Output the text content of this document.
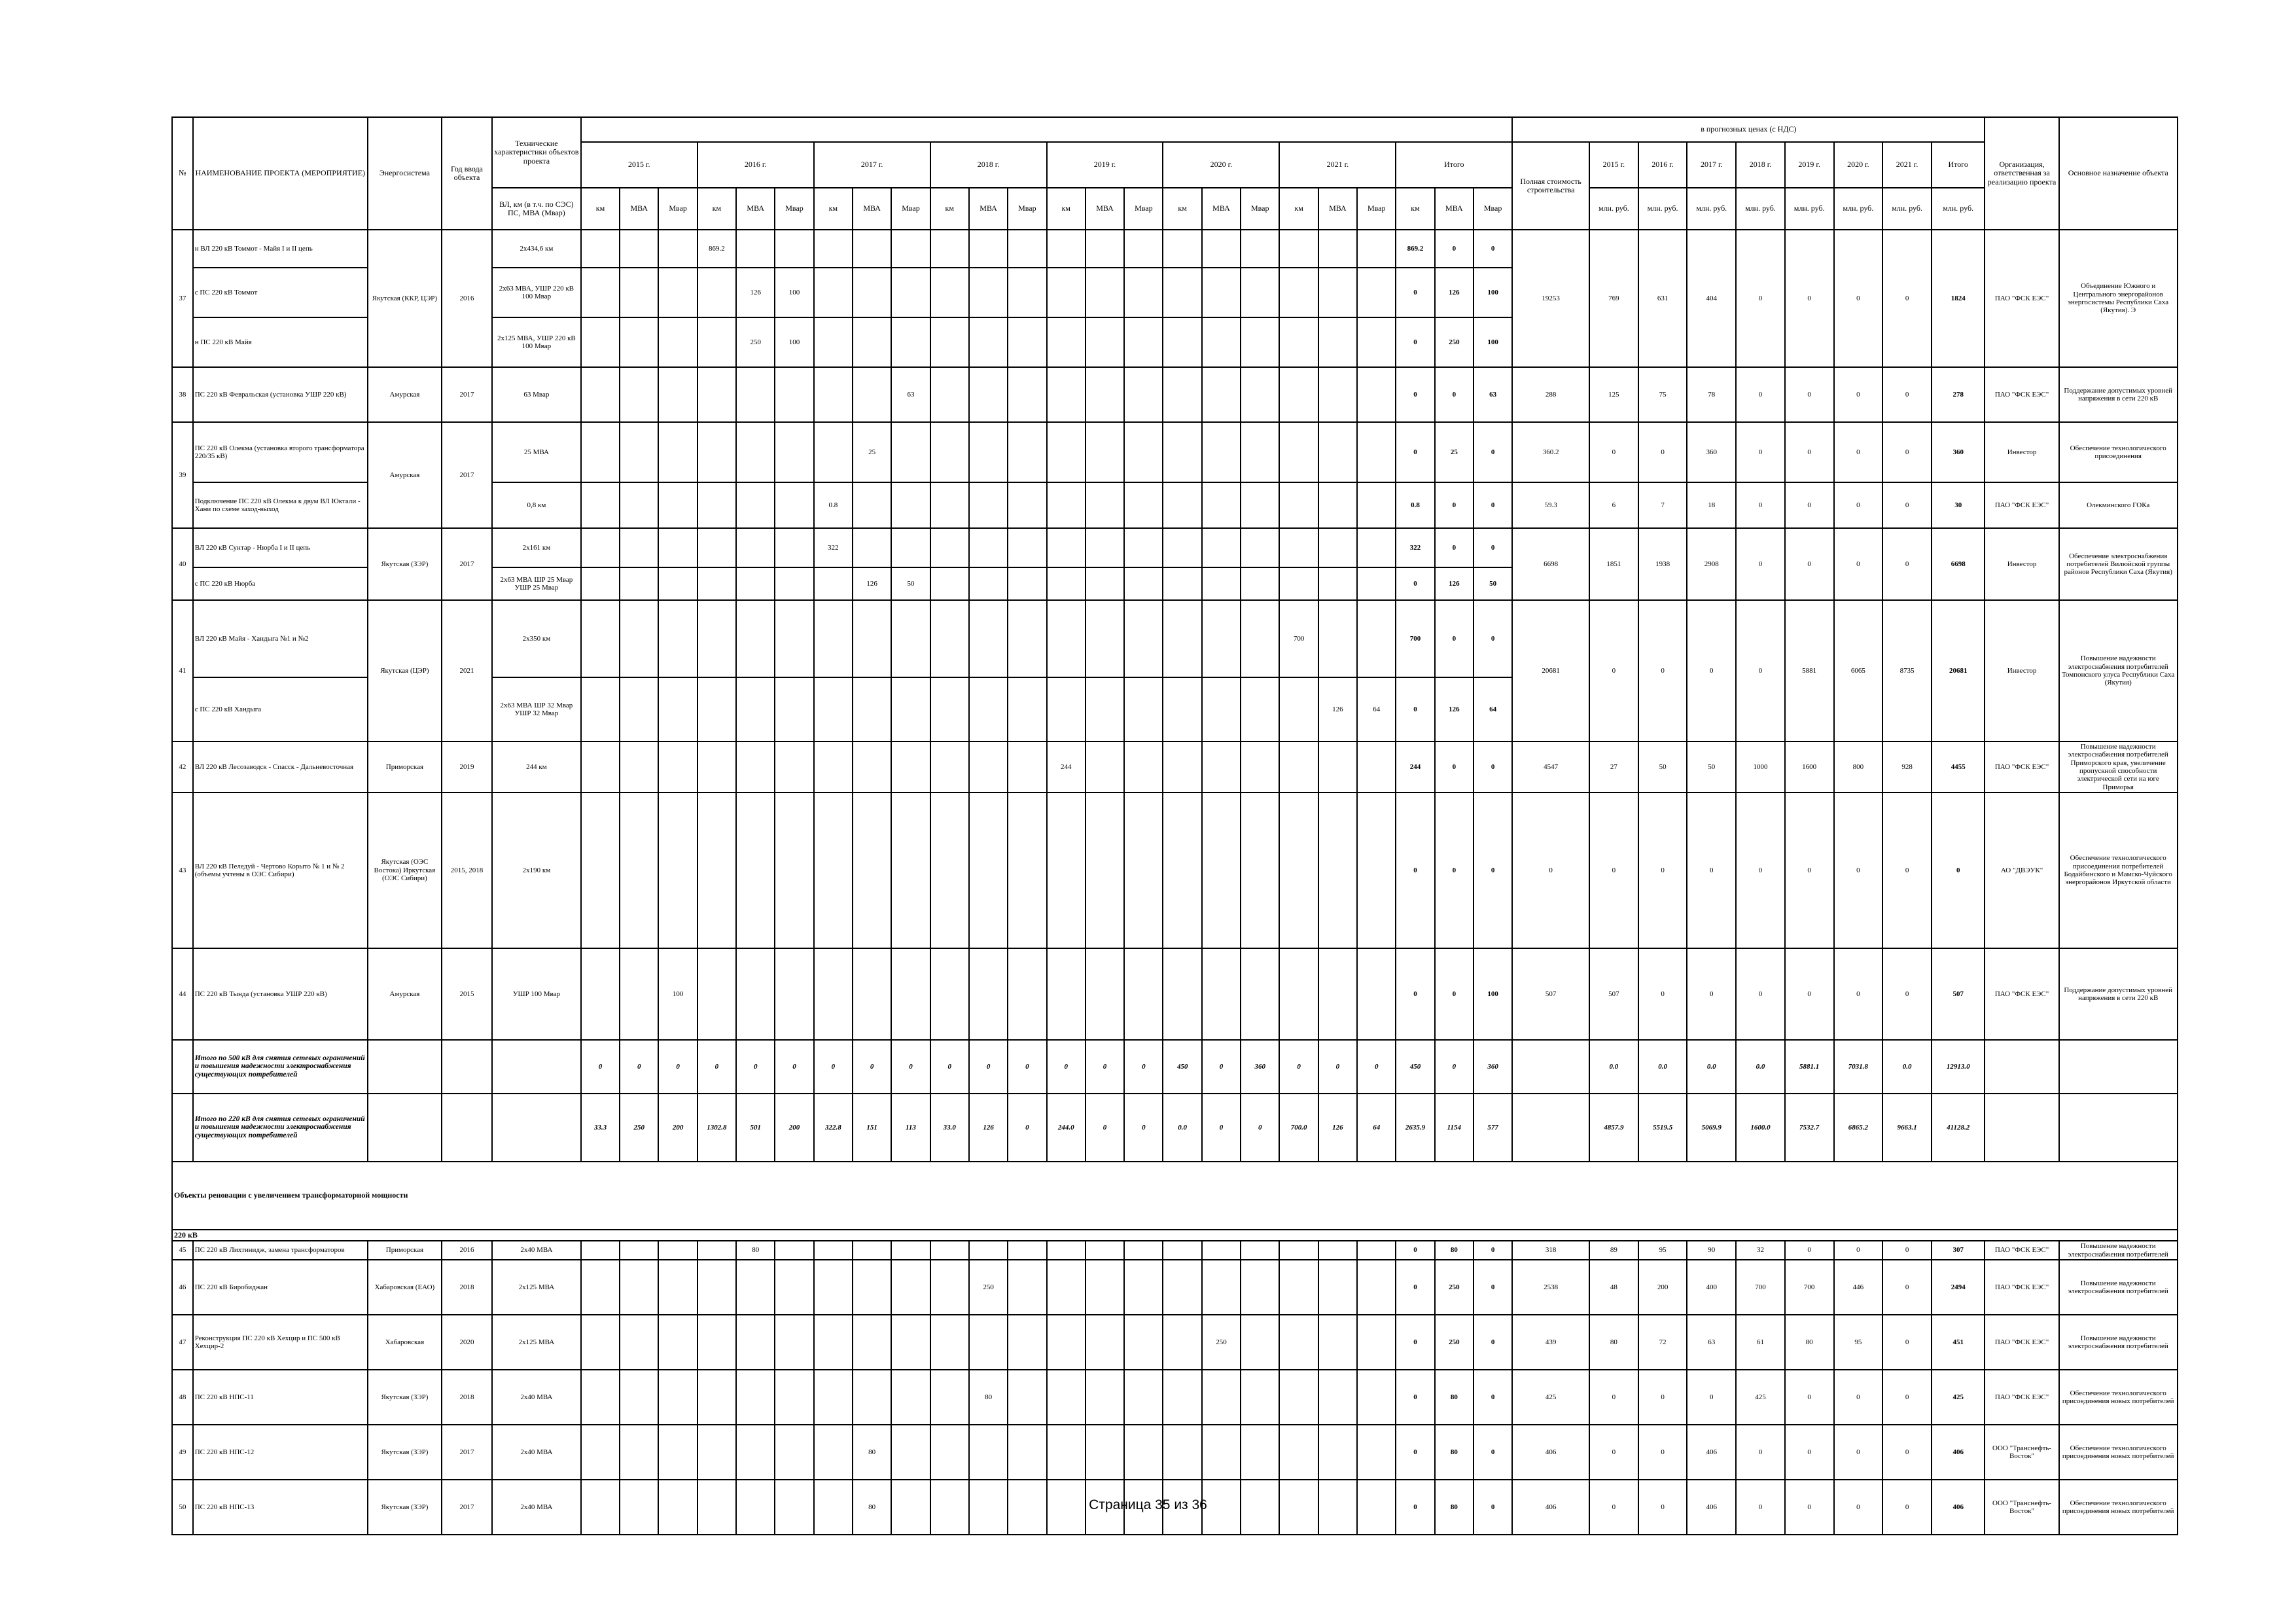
№	НАИМЕНОВАНИЕ ПРОЕКТА (МЕРОПРИЯТИЕ)	Энергосистема	Год ввода объекта	Технические характеристики объектов проекта																									в прогнозных ценах (с НДС)									Организация, ответственная за реализацию проекта	Основное назначение объекта
					2015 г.			2016 г.			2017 г.			2018 г.			2019 г.			2020 г.			2021 г.			Итого			Полная стоимость строительства	2015 г.	2016 г.	2017 г.	2018 г.	2019 г.	2020 г.	2021 г.	Итого		
				ВЛ, км (в т.ч. по СЭС) ПС, МВА (Мвар)	км	МВА	Мвар	км	МВА	Мвар	км	МВА	Мвар	км	МВА	Мвар	км	МВА	Мвар	км	МВА	Мвар	км	МВА	Мвар	км	МВА	Мвар		млн. руб.	млн. руб.	млн. руб.	млн. руб.	млн. руб.	млн. руб.	млн. руб.	млн. руб.		
37	н ВЛ 220 кВ Томмот - Майя I и II цепь	Якутская (ККР, ЦЭР)	2016	2х434,6 км				869.2																		869.2	0	0	19253	769	631	404	0	0	0	0	1824	ПАО "ФСК ЕЭС"	Объединение Южного и Центрального энергорайонов энергосистемы Республики Саха (Якутия). Э
	с ПС 220 кВ Томмот			2х63 МВА, УШР 220 кВ 100 Мвар					126	100																0	126	100											
	н ПС 220 кВ Майя			2х125 МВА, УШР 220 кВ 100 Мвар					250	100																0	250	100											
38	ПС 220 кВ Февральская (установка УШР 220 кВ)	Амурская	2017	63 Мвар									63													0	0	63	288	125	75	78	0	0	0	0	278	ПАО "ФСК ЕЭС"	Поддержание допустимых уровней напряжения в сети 220 кВ
39	ПС 220 кВ Олекма (установка второго трансформатора 220/35 кВ)	Амурская	2017	25 МВА								25														0	25	0	360.2	0	0	360	0	0	0	0	360	Инвестор	Обеспечение технологического присоединения
	Подключение ПС 220 кВ Олекма к двум ВЛ Юктали - Хани по схеме заход-выход			0,8 км							0.8															0.8	0	0	59.3	6	7	18	0	0	0	0	30	ПАО "ФСК ЕЭС"	Олекминского ГОКа
40	ВЛ 220 кВ Сунтар - Нюрба I и II цепь	Якутская (ЗЭР)	2017	2х161 км							322															322	0	0	6698	1851	1938	2908	0	0	0	0	6698	Инвестор	Обеспечение электроснабжения потребителей Вилюйской группы районов Республики Саха (Якутия)
	с ПС 220 кВ Нюрба			2х63 МВА ШР 25 Мвар УШР 25 Мвар								126	50													0	126	50											
41	ВЛ 220 кВ Майя - Хандыга №1 и №2	Якутская (ЦЭР)	2021	2х350 км																			700			700	0	0	20681	0	0	0	0	5881	6065	8735	20681	Инвестор	Повышение надежности электроснабжения потребителей Томпонского улуса Республики Саха (Якутия)
	с ПС 220 кВ Хандыга			2х63 МВА ШР 32 Мвар УШР 32 Мвар																				126	64	0	126	64											
42	ВЛ 220 кВ Лесозаводск - Спасск - Дальневосточная	Приморская	2019	244 км													244									244	0	0	4547	27	50	50	1000	1600	800	928	4455	ПАО "ФСК ЕЭС"	Повышение надежности электроснабжения потребителей Приморского края, увеличение пропускной способности электрической сети на юге Приморья
43	ВЛ 220 кВ Пеледуй - Чертово Корыто № 1 и № 2 (объемы учтены в ОЭС Сибири)	Якутская (ОЭС Востока) Иркутская (ОЭС Сибири)	2015, 2018	2х190 км																						0	0	0	0	0	0	0	0	0	0	0	0	АО "ДВЭУК"	Обеспечение технологического присоединения потребителей Бодайбинского и Мамско-Чуйского энергорайонов Иркутской области
44	ПС 220 кВ Тында (установка УШР 220 кВ)	Амурская	2015	УШР 100 Мвар			100																			0	0	100	507	507	0	0	0	0	0	0	507	ПАО "ФСК ЕЭС"	Поддержание допустимых уровней напряжения в сети 220 кВ
	Итого по 500 кВ для снятия сетевых ограничений и повышения надежности электроснабжения существующих потребителей				0	0	0	0	0	0	0	0	0	0	0	0	0	0	0	450	0	360	0	0	0	450	0	360		0.0	0.0	0.0	0.0	5881.1	7031.8	0.0	12913.0		
	Итого по 220 кВ для снятия сетевых ограничений и повышения надежности электроснабжения существующих потребителей				33.3	250	200	1302.8	501	200	322.8	151	113	33.0	126	0	244.0	0	0	0.0	0	0	700.0	126	64	2635.9	1154	577		4857.9	5519.5	5069.9	1600.0	7532.7	6865.2	9663.1	41128.2		
Объекты реновации с увеличением трансформаторной мощности																																							
220 кВ																																							
45	ПС 220 кВ Лихтинидж, замена трансформаторов	Приморская	2016	2х40 МВА					80																	0	80	0	318	89	95	90	32	0	0	0	307	ПАО "ФСК ЕЭС"	Повышение надежности электроснабжения потребителей
46	ПС 220 кВ Биробиджан	Хабаровская (ЕАО)	2018	2х125 МВА											250											0	250	0	2538	48	200	400	700	700	446	0	2494	ПАО "ФСК ЕЭС"	Повышение надежности электроснабжения потребителей
47	Реконструкция ПС 220 кВ Хехцир и ПС 500 кВ Хехцир-2	Хабаровская	2020	2х125 МВА																	250					0	250	0	439	80	72	63	61	80	95	0	451	ПАО "ФСК ЕЭС"	Повышение надежности электроснабжения потребителей
48	ПС 220 кВ НПС-11	Якутская (ЗЭР)	2018	2х40 МВА											80											0	80	0	425	0	0	0	425	0	0	0	425	ПАО "ФСК ЕЭС"	Обеспечение технологического присоединения новых потребителей
49	ПС 220 кВ НПС-12	Якутская (ЗЭР)	2017	2х40 МВА								80														0	80	0	406	0	0	406	0	0	0	0	406	ООО "Транснефть-Восток"	Обеспечение технологического присоединения новых потребителей
50	ПС 220 кВ НПС-13	Якутская (ЗЭР)	2017	2х40 МВА								80														0	80	0	406	0	0	406	0	0	0	0	406	ООО "Транснефть-Восток"	Обеспечение технологического присоединения новых потребителей
Страница 35 из 36
